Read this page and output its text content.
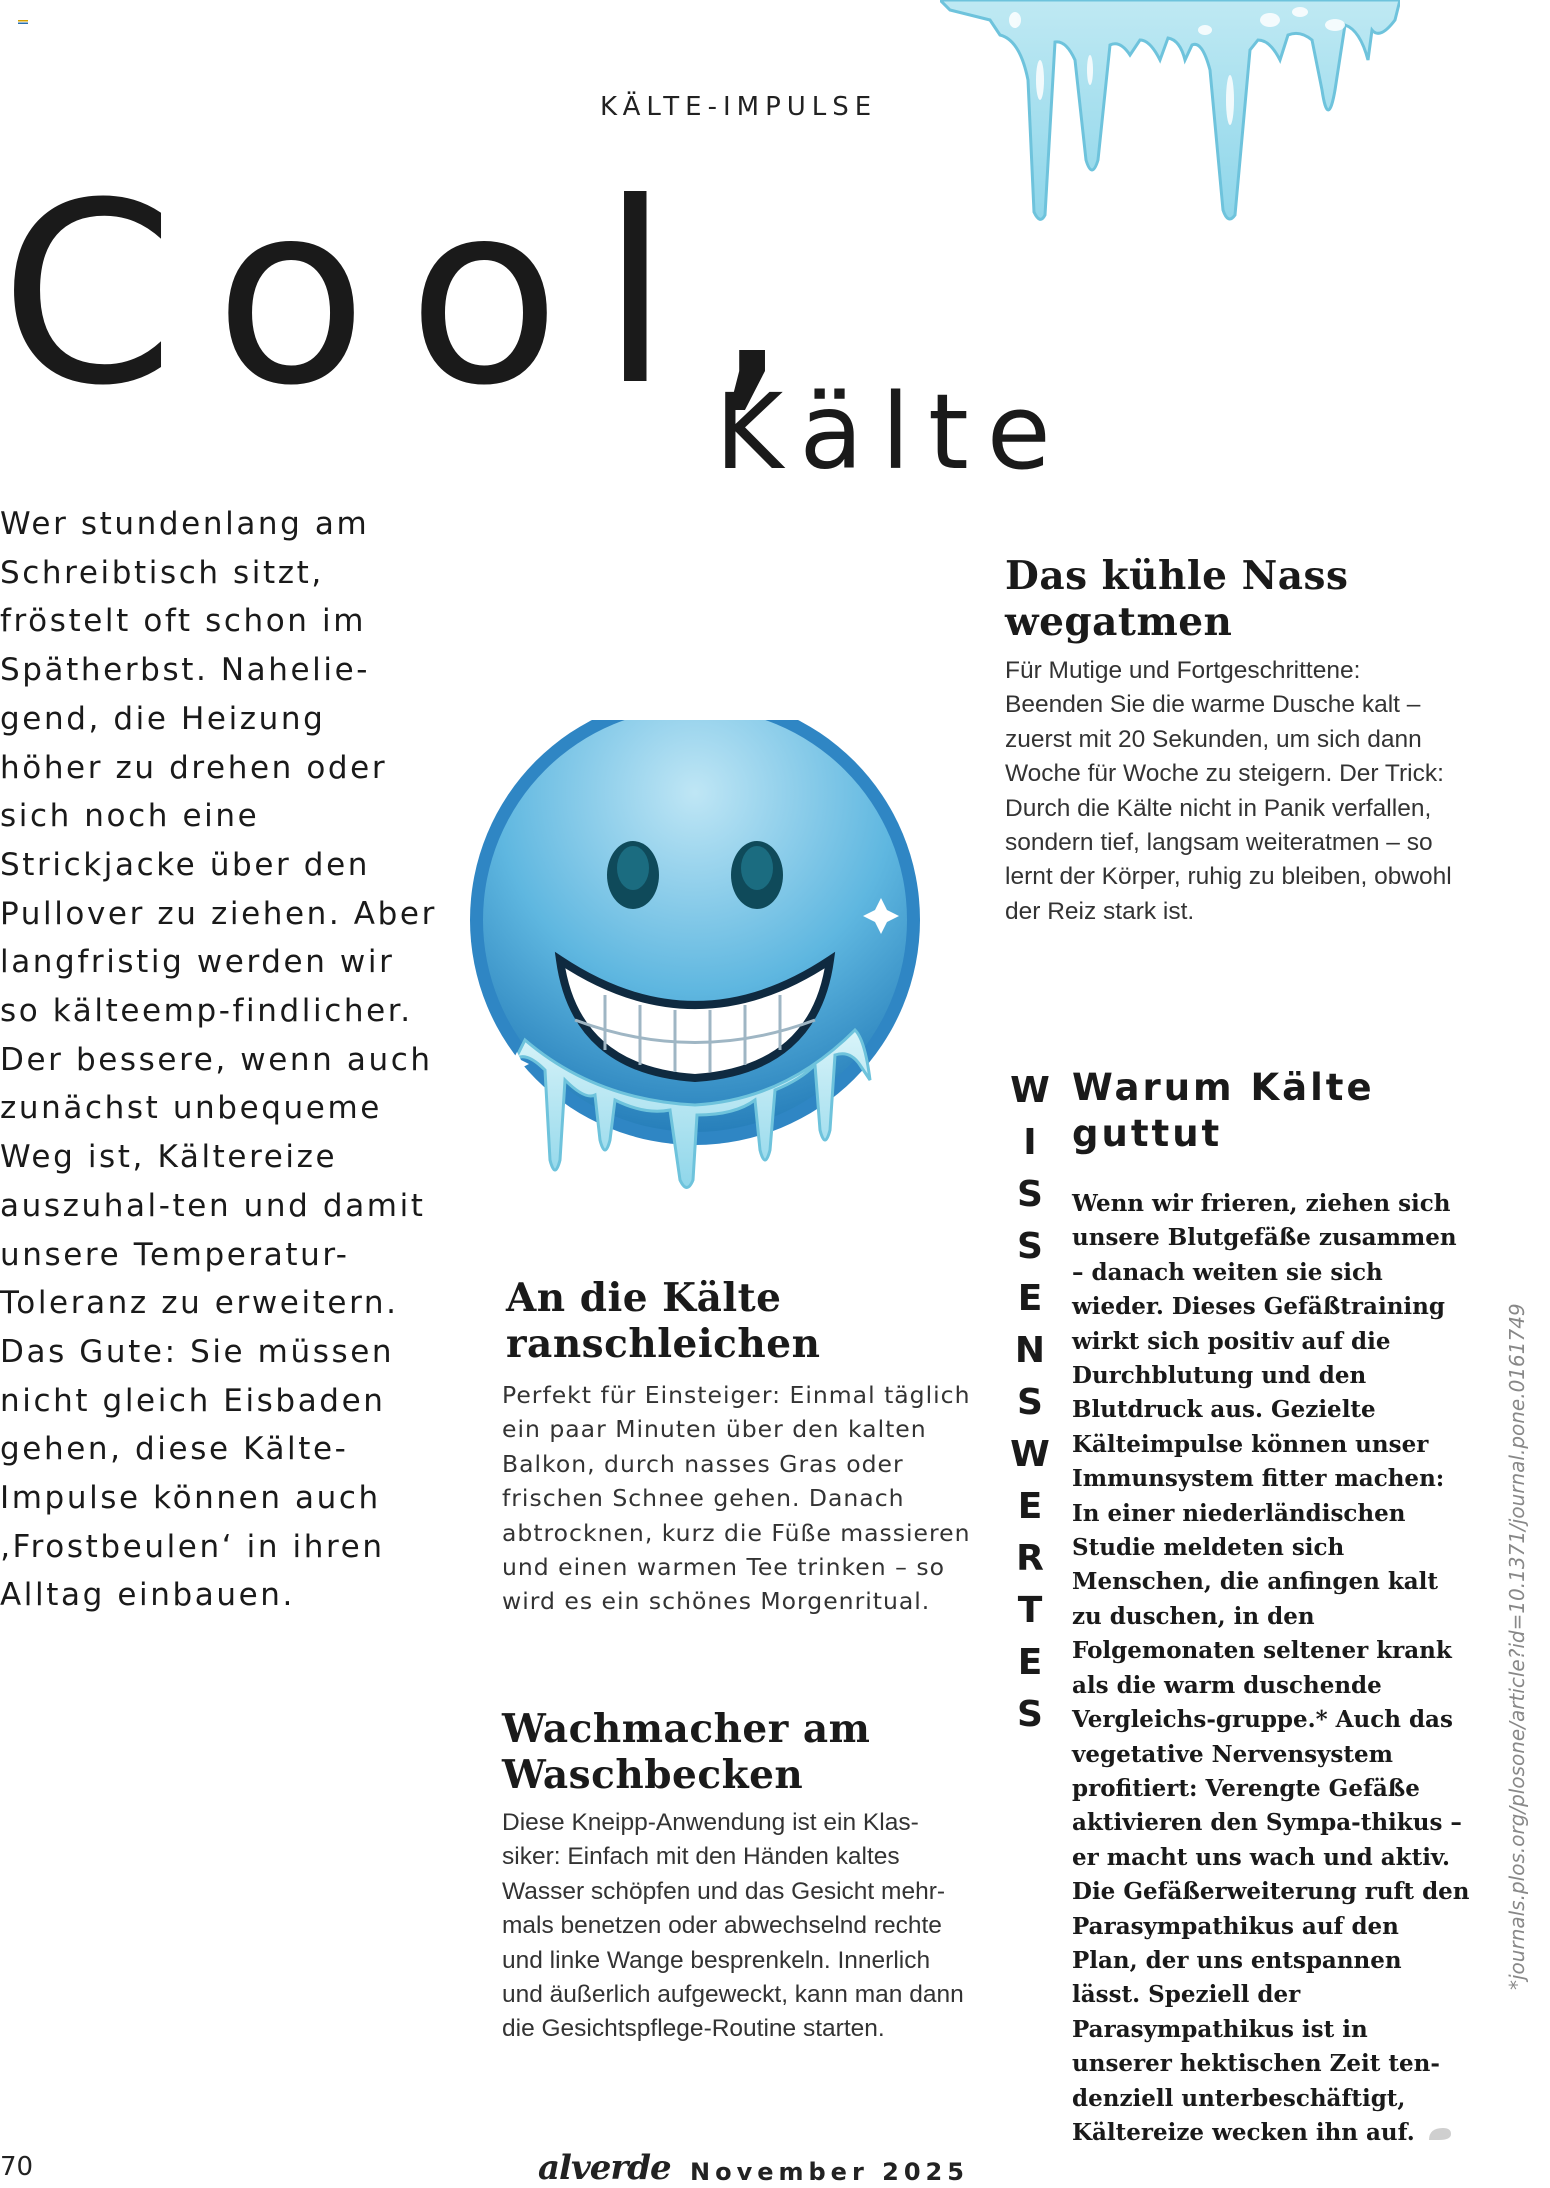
KÄLTE-IMPULSE
Cool,
Kälte
Wer stundenlang am Schreibtisch sitzt, fröstelt oft schon im Spätherbst. Nahelie-gend, die Heizung höher zu drehen oder sich noch eine Strickjacke über den Pullover zu ziehen. Aber langfristig werden wir so kälteemp-findlicher. Der bessere, wenn auch zunächst unbequeme Weg ist, Kältereize auszuhal-ten und damit unsere Temperatur-Toleranz zu erweitern. Das Gute: Sie müssen nicht gleich Eisbaden gehen, diese Kälte-Impulse können auch ‚Frostbeulen‘ in ihren Alltag einbauen.
Das kühle Nass wegatmen
Für Mutige und Fortgeschrittene: Beenden Sie die warme Dusche kalt – zuerst mit 20 Sekunden, um sich dann Woche für Woche zu steigern. Der Trick: Durch die Kälte nicht in Panik verfallen, sondern tief, langsam weiteratmen – so lernt der Körper, ruhig zu bleiben, obwohl der Reiz stark ist.
An die Kälte ranschleichen
Perfekt für Einsteiger: Einmal täglich ein paar Minuten über den kalten Balkon, durch nasses Gras oder frischen Schnee gehen. Danach abtrocknen, kurz die Füße massieren und einen warmen Tee trinken – so wird es ein schönes Morgenritual.
Wachmacher am Waschbecken
Diese Kneipp-Anwendung ist ein Klas-siker: Einfach mit den Händen kaltes Wasser schöpfen und das Gesicht mehr-mals benetzen oder abwechselnd rechte und linke Wange besprenkeln. Innerlich und äußerlich aufgeweckt, kann man dann die Gesichtspflege-Routine starten.
W
I
S
S
E
N
S
W
E
R
T
E
S
Warum Kälte guttut
Wenn wir frieren, ziehen sich unsere Blutgefäße zusammen – danach weiten sie sich wieder. Dieses Gefäßtraining wirkt sich positiv auf die Durchblutung und den Blutdruck aus. Gezielte Kälteimpulse können unser Immunsystem fitter machen: In einer niederländischen Studie meldeten sich Menschen, die anfingen kalt zu duschen, in den Folgemonaten seltener krank als die warm duschende Vergleichs-gruppe.* Auch das vegetative Nervensystem profitiert: Verengte Gefäße aktivieren den Sympa-thikus – er macht uns wach und aktiv. Die Gefäßerweiterung ruft den Parasympathikus auf den Plan, der uns entspannen lässt. Speziell der Parasympathikus ist in unserer hektischen Zeit ten-denziell unterbeschäftigt, Kältereize wecken ihn auf.
*journals.plos.org/plosone/article?id=10.1371/journal.pone.0161749
70	alverde November 2025
